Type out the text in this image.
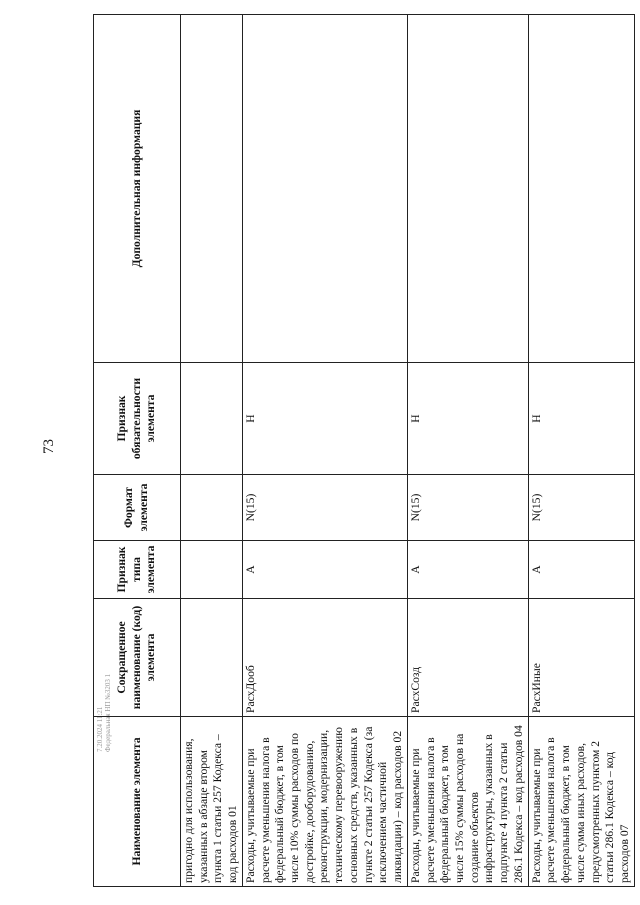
73
7.20.2024 11:21 Федеральная НП №3203 1
Наименование элемента	Сокращенное наименование (код) элемента	Признак типа элемента	Формат элемента	Признак обязательности элемента	Дополнительная информация
пригодно для использования, указанных в абзаце втором пункта 1 статьи 257 Кодекса – код расходов 01					
Расходы, учитываемые при расчете уменьшения налога в федеральный бюджет, в том числе 10% суммы расходов по достройке, дооборудованию, реконструкции, модернизации, техническому перевооружению основных средств, указанных в пункте 2 статьи 257 Кодекса (за исключением частичной ликвидации) – код расходов 02	РасхДооб	А	N(15)	Н	
Расходы, учитываемые при расчете уменьшения налога в федеральный бюджет, в том числе 15% суммы расходов на создание объектов инфраструктуры, указанных в подпункте 4 пункта 2 статьи 286.1 Кодекса – код расходов 04	РасхСозд	А	N(15)	Н	
Расходы, учитываемые при расчете уменьшения налога в федеральный бюджет, в том числе сумма иных расходов, предусмотренных пунктом 2 статьи 286.1 Кодекса – код расходов 07	РасхИные	А	N(15)	Н	
